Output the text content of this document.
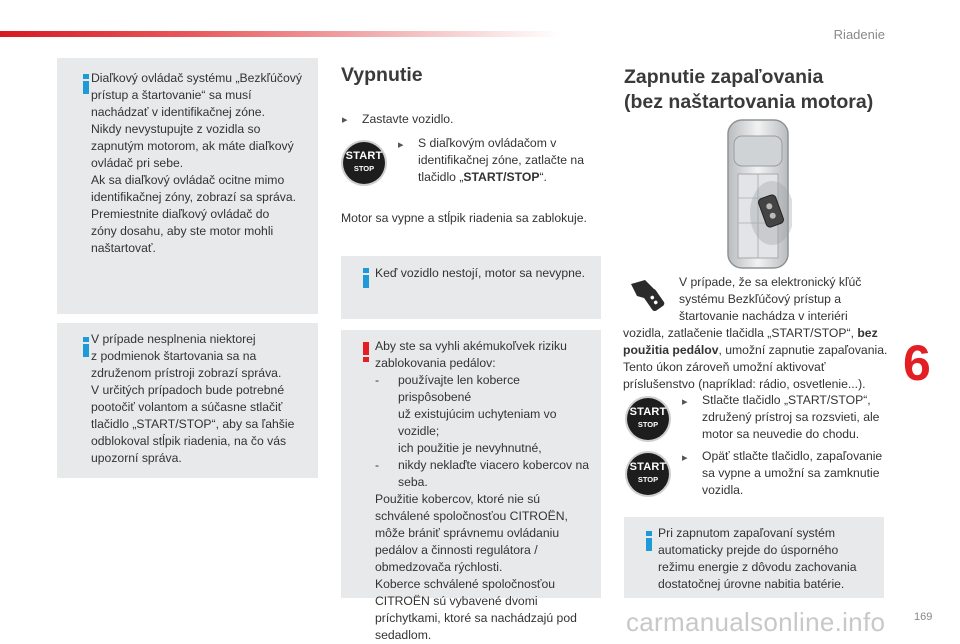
Riadenie

Diaľkový ovládač systému „Bezkľúčový

prístup a štartovanie“ sa musí

nachádzať v identifikačnej zóne.

Nikdy nevystupujte z vozidla so

zapnutým motorom, ak máte diaľkový

ovládač pri sebe.

Ak sa diaľkový ovládač ocitne mimo

identifikačnej zóny, zobrazí sa správa.

Premiestnite diaľkový ovládač do

zóny dosahu, aby ste motor mohli

naštartovať.

V prípade nesplnenia niektorej

z podmienok štartovania sa na

združenom prístroji zobrazí správa.

V určitých prípadoch bude potrebné

pootočiť volantom a súčasne stlačiť

tlačidlo „START/STOP“, aby sa ľahšie

odblokoval stĺpik riadenia, na čo vás

upozorní správa.

Vypnutie
▸ Zastavte vozidlo.
START
STOP
▸ S diaľkovým ovládačom v
identifikačnej zóne, zatlačte na
tlačidlo „START/STOP“.
Motor sa vypne a stĺpik riadenia sa zablokuje.
Keď vozidlo nestojí, motor sa nevypne.

Aby ste sa vyhli akémukoľvek riziku

zablokovania pedálov:

- používajte len koberce prispôsobené
už existujúcim uchyteniam vo vozidle;
ich použitie je nevyhnutné,
- nikdy neklaďte viacero kobercov na
seba.

Použitie kobercov, ktoré nie sú

schválené spoločnosťou CITROËN,

môže brániť správnemu ovládaniu

pedálov a činnosti regulátora /

obmedzovača rýchlosti.

Koberce schválené spoločnosťou

CITROËN sú vybavené dvomi

príchytkami, ktoré sa nachádzajú pod

sedadlom.

Zapnutie zapaľovania
(bez naštartovania motora)

V prípade, že sa elektronický kľúč

systému Bezkľúčový prístup a

štartovanie nachádza v interiéri

vozidla, zatlačenie tlačidla „START/STOP“, bez

použitia pedálov, umožní zapnutie zapaľovania.

Tento úkon zároveň umožní aktivovať

príslušenstvo (napríklad: rádio, osvetlenie...).

START
STOP
▸ Stlačte tlačidlo „START/STOP“,
združený prístroj sa rozsvieti, ale
motor sa neuvedie do chodu.
START
STOP
▸ Opäť stlačte tlačidlo, zapaľovanie
sa vypne a umožní sa zamknutie
vozidla.

Pri zapnutom zapaľovaní systém

automaticky prejde do úsporného

režimu energie z dôvodu zachovania

dostatočnej úrovne nabitia batérie.

6
carmanualsonline.info	169
